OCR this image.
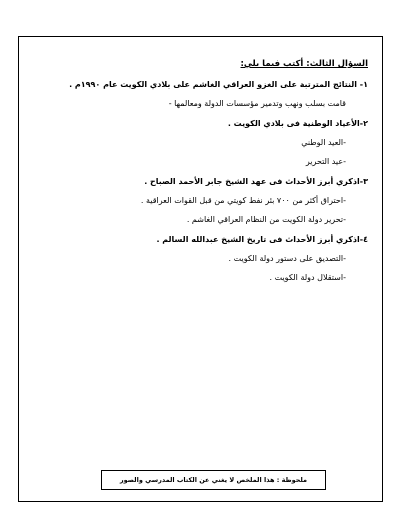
السؤال الثالث: أكتب فيما يلي:

١- النتائج المترتبة على الغزو العراقي الغاشم على بلادي الكويت عام ١٩٩٠م .

قامت بسلب ونهب وتدمير مؤسسات الدولة ومعالمها -

٢-الأعياد الوطنية فى بلادي الكويت .

-العيد الوطني

-عيد التحرير

٣-اذكري أبرز الأحداث فى عهد الشيخ جابر الأحمد الصباح .

-احتراق أكثر من ٧٠٠ بئر نفط كويتي من قبل القوات العراقية .

-تحرير دولة الكويت من النظام العراقي الغاشم .

٤-اذكري أبرز الأحداث فى تاريخ الشيخ عبدالله السالم .

-التصديق على دستور دولة الكويت .

-استقلال دولة الكويت .

ملحوظة : هذا الملخص لا يغني عن الكتاب المدرسي والصور
